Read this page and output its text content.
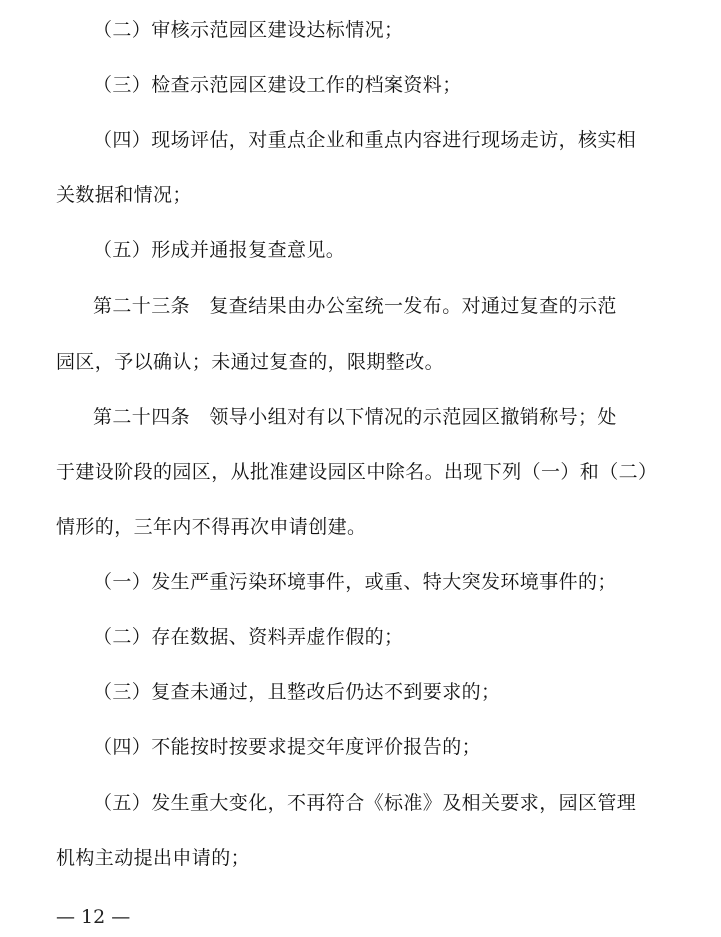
（二）审核示范园区建设达标情况；
（三）检查示范园区建设工作的档案资料；
（四）现场评估，对重点企业和重点内容进行现场走访，核实相
关数据和情况；
（五）形成并通报复查意见。
第二十三条　复查结果由办公室统一发布。对通过复查的示范
园区，予以确认；未通过复查的，限期整改。
第二十四条　领导小组对有以下情况的示范园区撤销称号；处
于建设阶段的园区，从批准建设园区中除名。出现下列（一）和（二）
情形的，三年内不得再次申请创建。
（一）发生严重污染环境事件，或重、特大突发环境事件的；
（二）存在数据、资料弄虚作假的；
（三）复查未通过，且整改后仍达不到要求的；
（四）不能按时按要求提交年度评价报告的；
（五）发生重大变化，不再符合《标准》及相关要求，园区管理
机构主动提出申请的；
— 12 —
